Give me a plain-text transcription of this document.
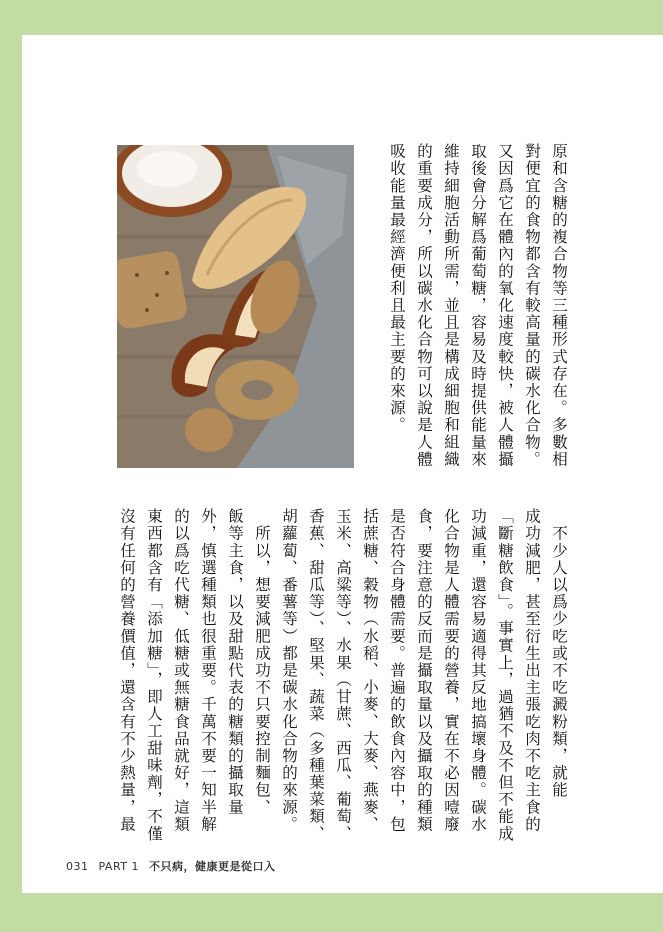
原和含糖的複合物等三種形式存在。多數相
對便宜的食物都含有較高量的碳水化合物。
又因爲它在體內的氧化速度較快，被人體攝
取後會分解爲葡萄糖，容易及時提供能量來
維持細胞活動所需，並且是構成細胞和組織
的重要成分，所以碳水化合物可以說是人體
吸收能量最經濟便利且最主要的來源。
　不少人以爲少吃或不吃澱粉類，就能
成功減肥，甚至衍生出主張吃肉不吃主食的
「斷糖飲食」。事實上，過猶不及不但不能成
功減重，還容易適得其反地搞壞身體。碳水
化合物是人體需要的營養，實在不必因噎廢
食，要注意的反而是攝取量以及攝取的種類
是否符合身體需要。普遍的飲食內容中，包
括蔗糖、穀物（水稻、小麥、大麥、燕麥、
玉米、高粱等）、水果（甘蔗、西瓜、葡萄、
香蕉、甜瓜等）、堅果、蔬菜（多種葉菜類、
胡蘿蔔、番薯等）都是碳水化合物的來源。
　所以，想要減肥成功不只要控制麵包、
飯等主食，以及甜點代表的糖類的攝取量
外，慎選種類也很重要。千萬不要一知半解
的以爲吃代糖、低糖或無糖食品就好，這類
東西都含有「添加糖」，即人工甜味劑，不僅
沒有任何的營養價值，還含有不少熱量，最
031 PART 1 不只病，健康更是從口入
